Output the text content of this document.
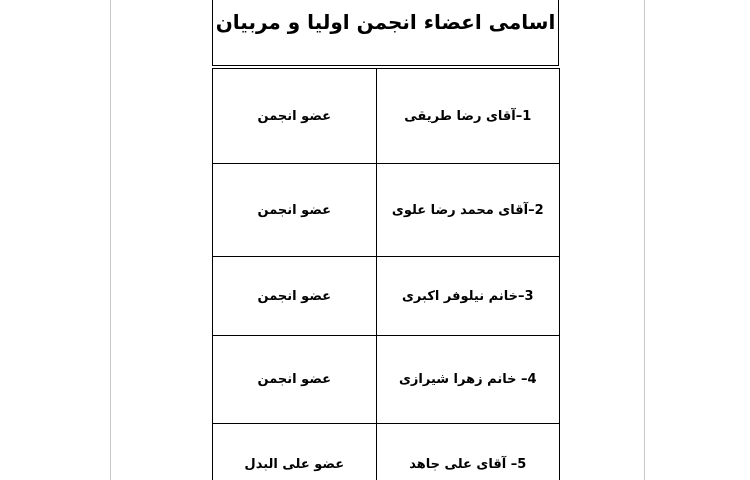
اسامی اعضاء انجمن اولیا و مربیان
1–آقای رضا طریقی	عضو انجمن
2–آقای محمد رضا علوی	عضو انجمن
3–خانم نیلوفر اکبری	عضو انجمن
4– خانم زهرا شیرازی	عضو انجمن
5– آقای علی جاهد	عضو علی البدل
